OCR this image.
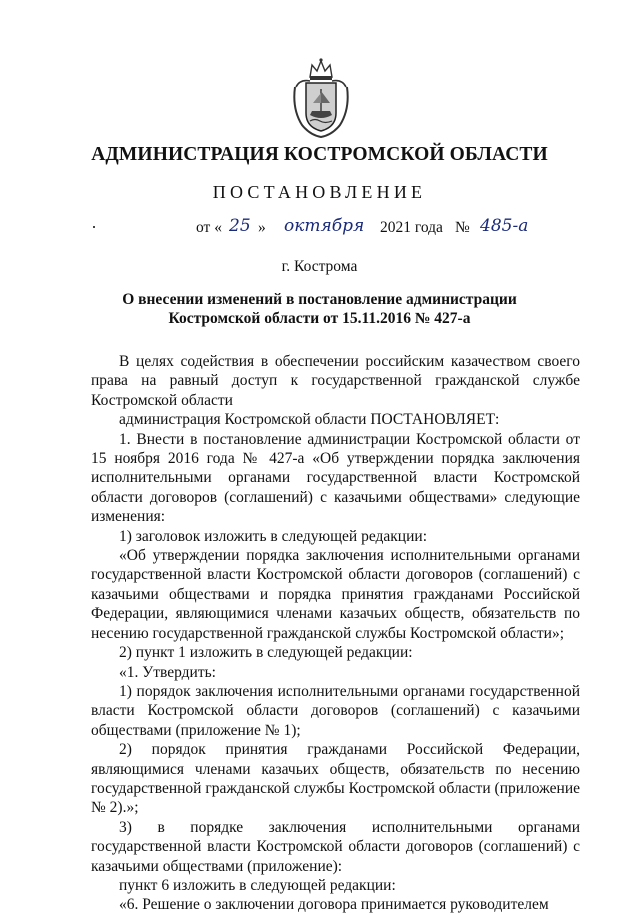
АДМИНИСТРАЦИЯ КОСТРОМСКОЙ ОБЛАСТИ
ПОСТАНОВЛЕНИЕ
от « 25 » октября 2021 года № 485-а
г. Кострома
О внесении изменений в постановление администрации
Костромской области от 15.11.2016 № 427-а

В целях содействия в обеспечении российским казачеством своего права на равный доступ к государственной гражданской службе Костромской области

администрация Костромской области ПОСТАНОВЛЯЕТ:

1. Внести в постановление администрации Костромской области от 15 ноября 2016 года № 427-а «Об утверждении порядка заключения исполнительными органами государственной власти Костромской области договоров (соглашений) с казачьими обществами» следующие изменения:

1) заголовок изложить в следующей редакции:

«Об утверждении порядка заключения исполнительными органами государственной власти Костромской области договоров (соглашений) с казачьими обществами и порядка принятия гражданами Российской Федерации, являющимися членами казачьих обществ, обязательств по несению государственной гражданской службы Костромской области»;

2) пункт 1 изложить в следующей редакции:

«1. Утвердить:

1) порядок заключения исполнительными органами государственной власти Костромской области договоров (соглашений) с казачьими обществами (приложение № 1);

2) порядок принятия гражданами Российской Федерации, являющимися членами казачьих обществ, обязательств по несению государственной гражданской службы Костромской области (приложение № 2).»;

3) в порядке заключения исполнительными органами государственной власти Костромской области договоров (соглашений) с казачьими обществами (приложение):

пункт 6 изложить в следующей редакции:

«6. Решение о заключении договора принимается руководителем
